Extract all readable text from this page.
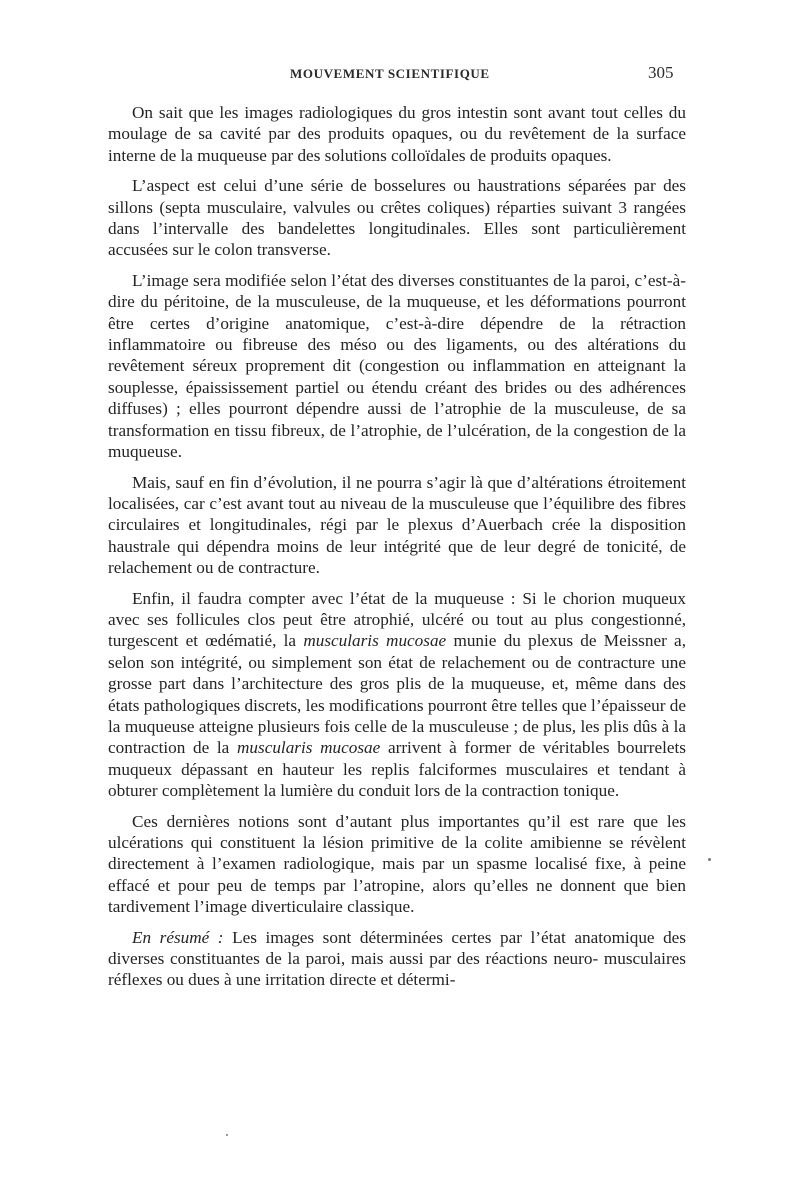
MOUVEMENT SCIENTIFIQUE	305

On sait que les images radiologiques du gros intestin sont avant tout celles du moulage de sa cavité par des produits opaques, ou du revêtement de la surface interne de la muqueuse par des solutions colloïdales de produits opaques.

L’aspect est celui d’une série de bosselures ou haustrations séparées par des sillons (septa musculaire, valvules ou crêtes coliques) réparties suivant 3 rangées dans l’intervalle des bandelettes longitudinales. Elles sont particulièrement accusées sur le colon transverse.

L’image sera modifiée selon l’état des diverses constituantes de la paroi, c’est-à-dire du péritoine, de la musculeuse, de la muqueuse, et les déformations pourront être certes d’origine anatomique, c’est-à-dire dépendre de la rétraction inflammatoire ou fibreuse des méso ou des ligaments, ou des altérations du revêtement séreux proprement dit (congestion ou inflammation en atteignant la souplesse, épaississement partiel ou étendu créant des brides ou des adhérences diffuses) ; elles pourront dépendre aussi de l’atrophie de la musculeuse, de sa transformation en tissu fibreux, de l’atrophie, de l’ulcération, de la congestion de la muqueuse.

Mais, sauf en fin d’évolution, il ne pourra s’agir là que d’altérations étroitement localisées, car c’est avant tout au niveau de la musculeuse que l’équilibre des fibres circulaires et longitudinales, régi par le plexus d’Auerbach crée la disposition haustrale qui dépendra moins de leur intégrité que de leur degré de tonicité, de relachement ou de contracture.

Enfin, il faudra compter avec l’état de la muqueuse : Si le chorion muqueux avec ses follicules clos peut être atrophié, ulcéré ou tout au plus congestionné, turgescent et œdématié, la muscularis mucosae munie du plexus de Meissner a, selon son intégrité, ou simplement son état de relachement ou de contracture une grosse part dans l’architecture des gros plis de la muqueuse, et, même dans des états pathologiques discrets, les modifications pourront être telles que l’épaisseur de la muqueuse atteigne plusieurs fois celle de la musculeuse ; de plus, les plis dûs à la contraction de la muscularis mucosae arrivent à former de véritables bourrelets muqueux dépassant en hauteur les replis falciformes musculaires et tendant à obturer complètement la lumière du conduit lors de la contraction tonique.

Ces dernières notions sont d’autant plus importantes qu’il est rare que les ulcérations qui constituent la lésion primitive de la colite amibienne se révèlent directement à l’examen radiologique, mais par un spasme localisé fixe, à peine effacé et pour peu de temps par l’atropine, alors qu’elles ne donnent que bien tardivement l’image diverticulaire classique.

En résumé : Les images sont déterminées certes par l’état anatomique des diverses constituantes de la paroi, mais aussi par des réactions neuro- musculaires réflexes ou dues à une irritation directe et détermi-
